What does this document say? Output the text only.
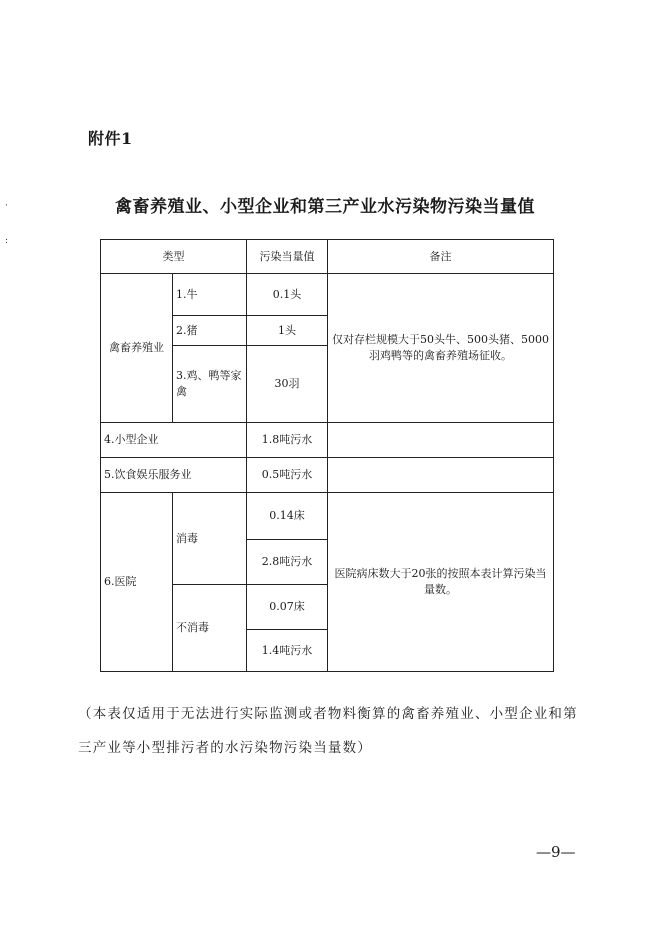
附件1
禽畜养殖业、小型企业和第三产业水污染物污染当量值
·
:
类型		污染当量值	备注
禽畜养殖业	1.牛	0.1头	仅对存栏规模大于50头牛、500头猪、5000羽鸡鸭等的禽畜养殖场征收。
	2.猪	1头	
	3.鸡、鸭等家禽	30羽	
4.小型企业		1.8吨污水	
5.饮食娱乐服务业		0.5吨污水	
6.医院	消毒	0.14床	医院病床数大于20张的按照本表计算污染当量数。
		2.8吨污水	
	不消毒	0.07床	
		1.4吨污水	
（本表仅适用于无法进行实际监测或者物料衡算的禽畜养殖业、小型企业和第三产业等小型排污者的水污染物污染当量数）
—9—
